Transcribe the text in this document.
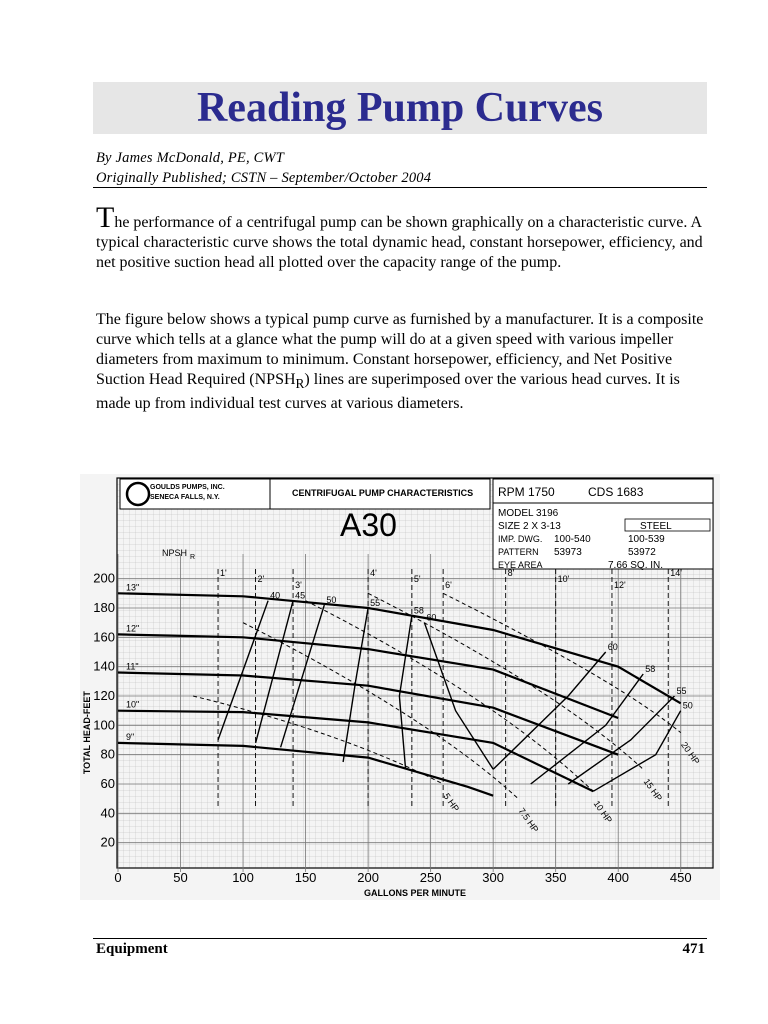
Reading Pump Curves
By James McDonald, PE, CWT
Originally Published; CSTN – September/October 2004
The performance of a centrifugal pump can be shown graphically on a characteristic curve. A typical characteristic curve shows the total dynamic head, constant horsepower, efficiency, and net positive suction head all plotted over the capacity range of the pump.
The figure below shows a typical pump curve as furnished by a manufacturer. It is a composite curve which tells at a glance what the pump will do at a given speed with various impeller diameters from maximum to minimum. Constant horsepower, efficiency, and Net Positive Suction Head Required $(NPSH_R)$ lines are superimposed over the various head curves. It is made up from individual test curves at various diameters.
GOULDS PUMPS, INC.
SENECA FALLS, N.Y.	CENTRIFUGAL PUMP CHARACTERISTICS
A30
RPM 1750	CDS 1683
MODEL 3196
SIZE 2 X 3-13	STEEL
IMP. DWG. 100-540	100-539
PATTERN 53973	53972
EYE AREA	7.66 SQ. IN.
NPSH R
0	50	100	150	200	250	300	350	400	450
20
40
60
80
100
120
140
160
180
200
GALLONS PER MINUTE
TOTAL HEAD-FEET
13"
12"
11"
10"
9"
40 45 50	55
58
60
60
58
55
50
1'
2'
3'
4'
5'
6'
8'
10'
12'
14'
5 HP
7.5 HP	10 HP
15 HP
20 HP
Equipment	471
